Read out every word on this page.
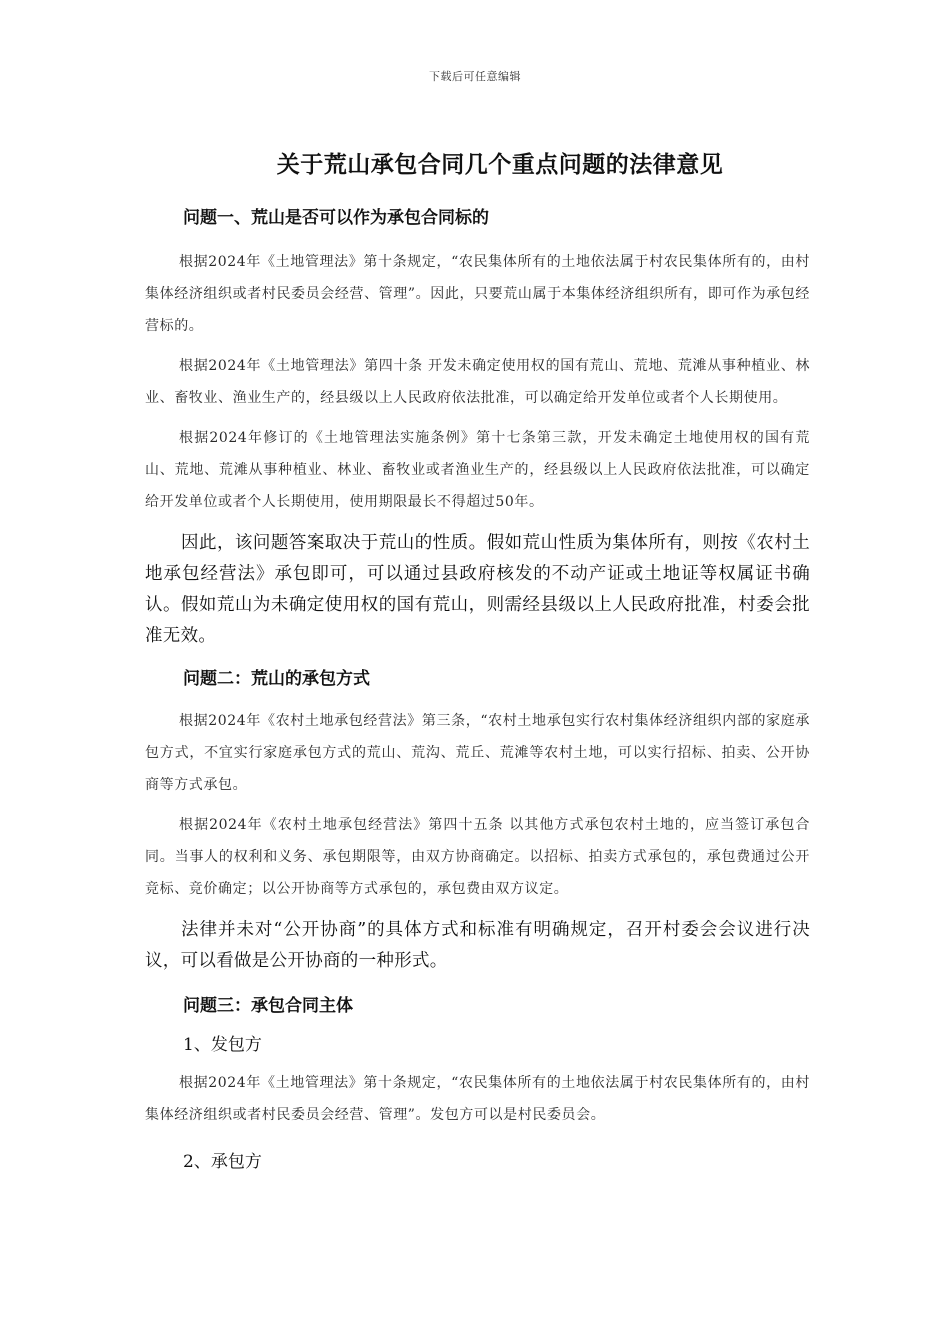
下载后可任意编辑
关于荒山承包合同几个重点问题的法律意见

问题一、荒山是否可以作为承包合同标的

根据2024年《土地管理法》第十条规定，“农民集体所有的土地依法属于村农民集体所有的，由村集体经济组织或者村民委员会经营、管理”。因此，只要荒山属于本集体经济组织所有，即可作为承包经营标的。

根据2024年《土地管理法》第四十条 开发未确定使用权的国有荒山、荒地、荒滩从事种植业、林业、畜牧业、渔业生产的，经县级以上人民政府依法批准，可以确定给开发单位或者个人长期使用。

根据2024年修订的《土地管理法实施条例》第十七条第三款，开发未确定土地使用权的国有荒山、荒地、荒滩从事种植业、林业、畜牧业或者渔业生产的，经县级以上人民政府依法批准，可以确定给开发单位或者个人长期使用，使用期限最长不得超过50年。

因此，该问题答案取决于荒山的性质。假如荒山性质为集体所有，则按《农村土地承包经营法》承包即可，可以通过县政府核发的不动产证或土地证等权属证书确认。假如荒山为未确定使用权的国有荒山，则需经县级以上人民政府批准，村委会批准无效。

问题二：荒山的承包方式

根据2024年《农村土地承包经营法》第三条，“农村土地承包实行农村集体经济组织内部的家庭承包方式，不宜实行家庭承包方式的荒山、荒沟、荒丘、荒滩等农村土地，可以实行招标、拍卖、公开协商等方式承包。

根据2024年《农村土地承包经营法》第四十五条 以其他方式承包农村土地的，应当签订承包合同。当事人的权利和义务、承包期限等，由双方协商确定。以招标、拍卖方式承包的，承包费通过公开竞标、竞价确定；以公开协商等方式承包的，承包费由双方议定。

法律并未对“公开协商”的具体方式和标准有明确规定，召开村委会会议进行决议，可以看做是公开协商的一种形式。

问题三：承包合同主体

1、发包方

根据2024年《土地管理法》第十条规定，“农民集体所有的土地依法属于村农民集体所有的，由村集体经济组织或者村民委员会经营、管理”。发包方可以是村民委员会。

2、承包方
